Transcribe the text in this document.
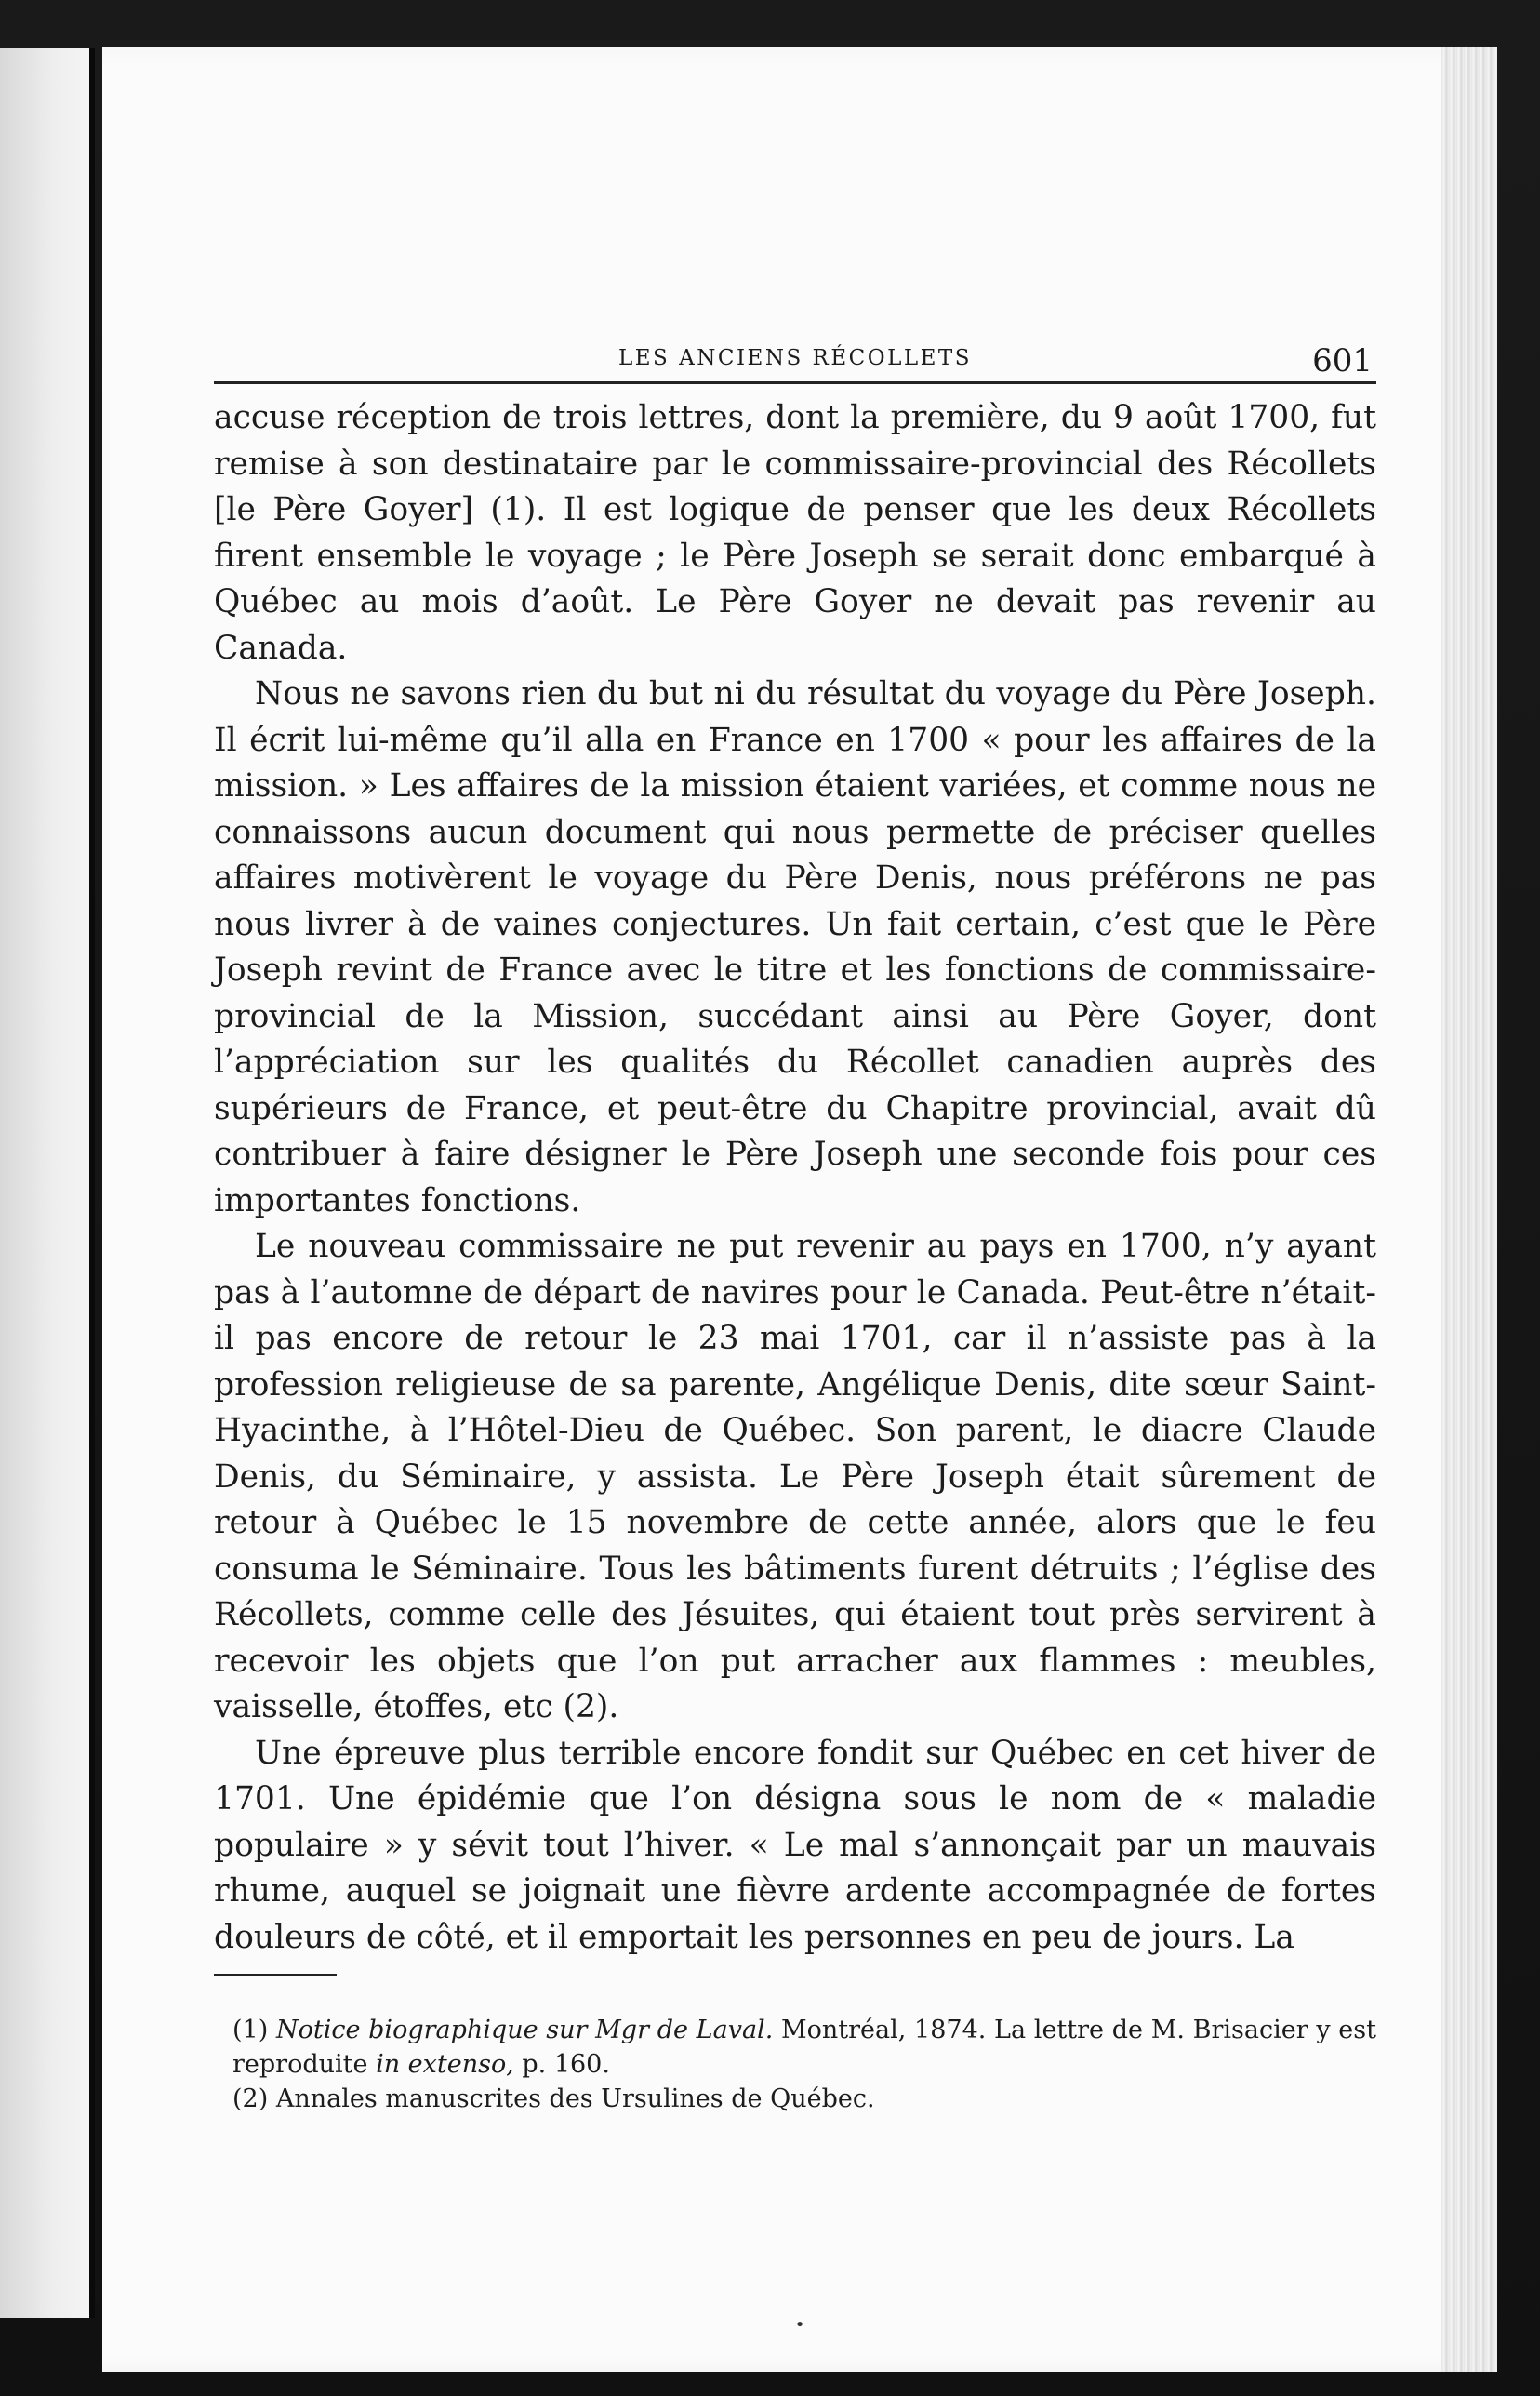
LES ANCIENS RÉCOLLETS	601

accuse réception de trois lettres, dont la première, du 9 août 1700, fut remise à son destinataire par le commissaire-provincial des Récollets [le Père Goyer] (1). Il est logique de penser que les deux Récollets firent ensemble le voyage ; le Père Joseph se serait donc embarqué à Québec au mois d’août. Le Père Goyer ne devait pas revenir au Canada.

Nous ne savons rien du but ni du résultat du voyage du Père Joseph. Il écrit lui-même qu’il alla en France en 1700 « pour les affaires de la mission. » Les affaires de la mission étaient variées, et comme nous ne connaissons aucun document qui nous permette de préciser quelles affaires motivèrent le voyage du Père Denis, nous préférons ne pas nous livrer à de vaines conjectures. Un fait certain, c’est que le Père Joseph revint de France avec le titre et les fonctions de commissaire-provincial de la Mission, succédant ainsi au Père Goyer, dont l’appréciation sur les qualités du Récollet canadien auprès des supérieurs de France, et peut-être du Chapitre provincial, avait dû contribuer à faire désigner le Père Joseph une seconde fois pour ces importantes fonctions.

Le nouveau commissaire ne put revenir au pays en 1700, n’y ayant pas à l’automne de départ de navires pour le Canada. Peut-être n’était-il pas encore de retour le 23 mai 1701, car il n’assiste pas à la profession religieuse de sa parente, Angélique Denis, dite sœur Saint-Hyacinthe, à l’Hôtel-Dieu de Québec. Son parent, le diacre Claude Denis, du Séminaire, y assista. Le Père Joseph était sûrement de retour à Québec le 15 novembre de cette année, alors que le feu consuma le Séminaire. Tous les bâtiments furent détruits ; l’église des Récollets, comme celle des Jésuites, qui étaient tout près servirent à recevoir les objets que l’on put arracher aux flammes : meubles, vaisselle, étoffes, etc (2).

Une épreuve plus terrible encore fondit sur Québec en cet hiver de 1701. Une épidémie que l’on désigna sous le nom de « maladie populaire » y sévit tout l’hiver. « Le mal s’annonçait par un mauvais rhume, auquel se joignait une fièvre ardente accompagnée de fortes douleurs de côté, et il emportait les personnes en peu de jours. La

(1) Notice biographique sur Mgr de Laval. Montréal, 1874. La lettre de M. Brisacier y est reproduite in extenso, p. 160.

(2) Annales manuscrites des Ursulines de Québec.

•
